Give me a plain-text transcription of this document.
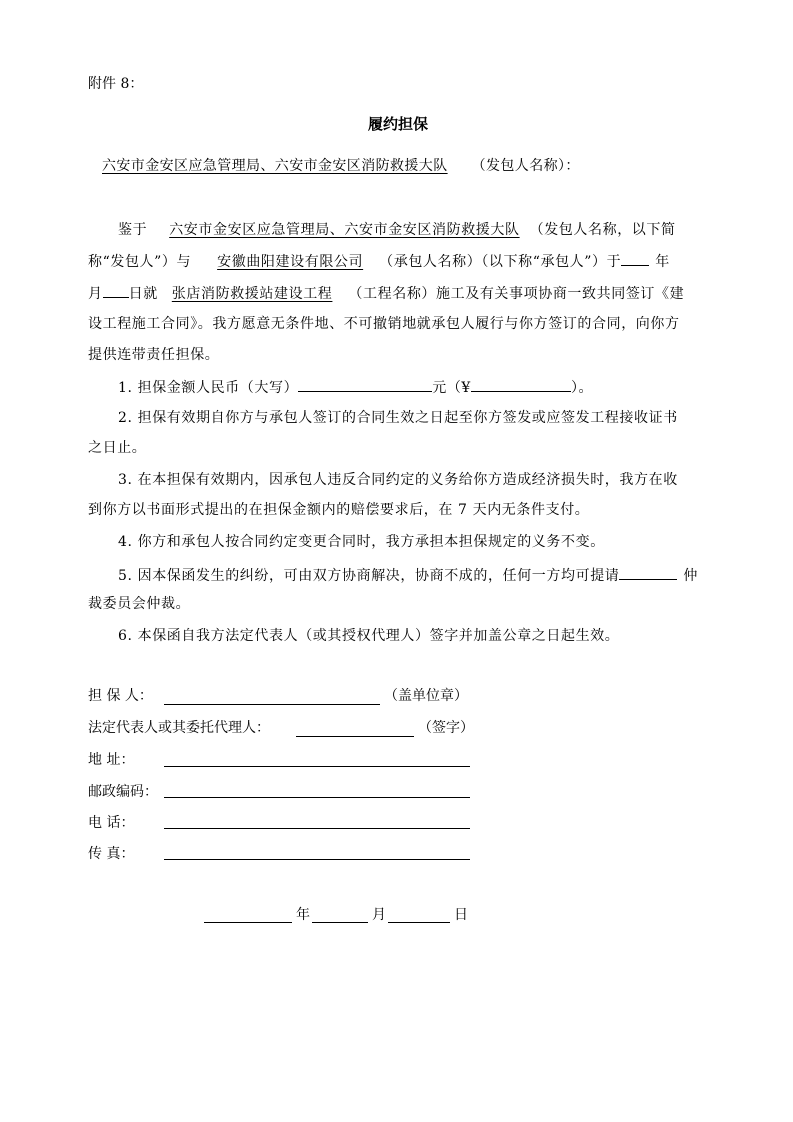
附件 8：
履约担保
六安市金安区应急管理局、六安市金安区消防救援大队 （发包人名称）：
鉴于 六安市金安区应急管理局、六安市金安区消防救援大队 （发包人名称，以下简
称“发包人”）与 安徽曲阳建设有限公司 （承包人名称）（以下称“承包人”）于 年
月 日就 张店消防救援站建设工程 （工程名称）施工及有关事项协商一致共同签订《建
设工程施工合同》。我方愿意无条件地、不可撤销地就承包人履行与你方签订的合同，向你方
提供连带责任担保。
1. 担保金额人民币（大写）	元（¥	）。
2. 担保有效期自你方与承包人签订的合同生效之日起至你方签发或应签发工程接收证书
之日止。
3. 在本担保有效期内，因承包人违反合同约定的义务给你方造成经济损失时，我方在收
到你方以书面形式提出的在担保金额内的赔偿要求后，在 7 天内无条件支付。
4. 你方和承包人按合同约定变更合同时，我方承担本担保规定的义务不变。
5. 因本保函发生的纠纷，可由双方协商解决，协商不成的，任何一方均可提请	仲
裁委员会仲裁。
6. 本保函自我方法定代表人（或其授权代理人）签字并加盖公章之日起生效。
担 保 人：	（盖单位章）
法定代表人或其委托代理人：	（签字）
地 址：
邮政编码：
电 话：
传 真：
年	月	日
